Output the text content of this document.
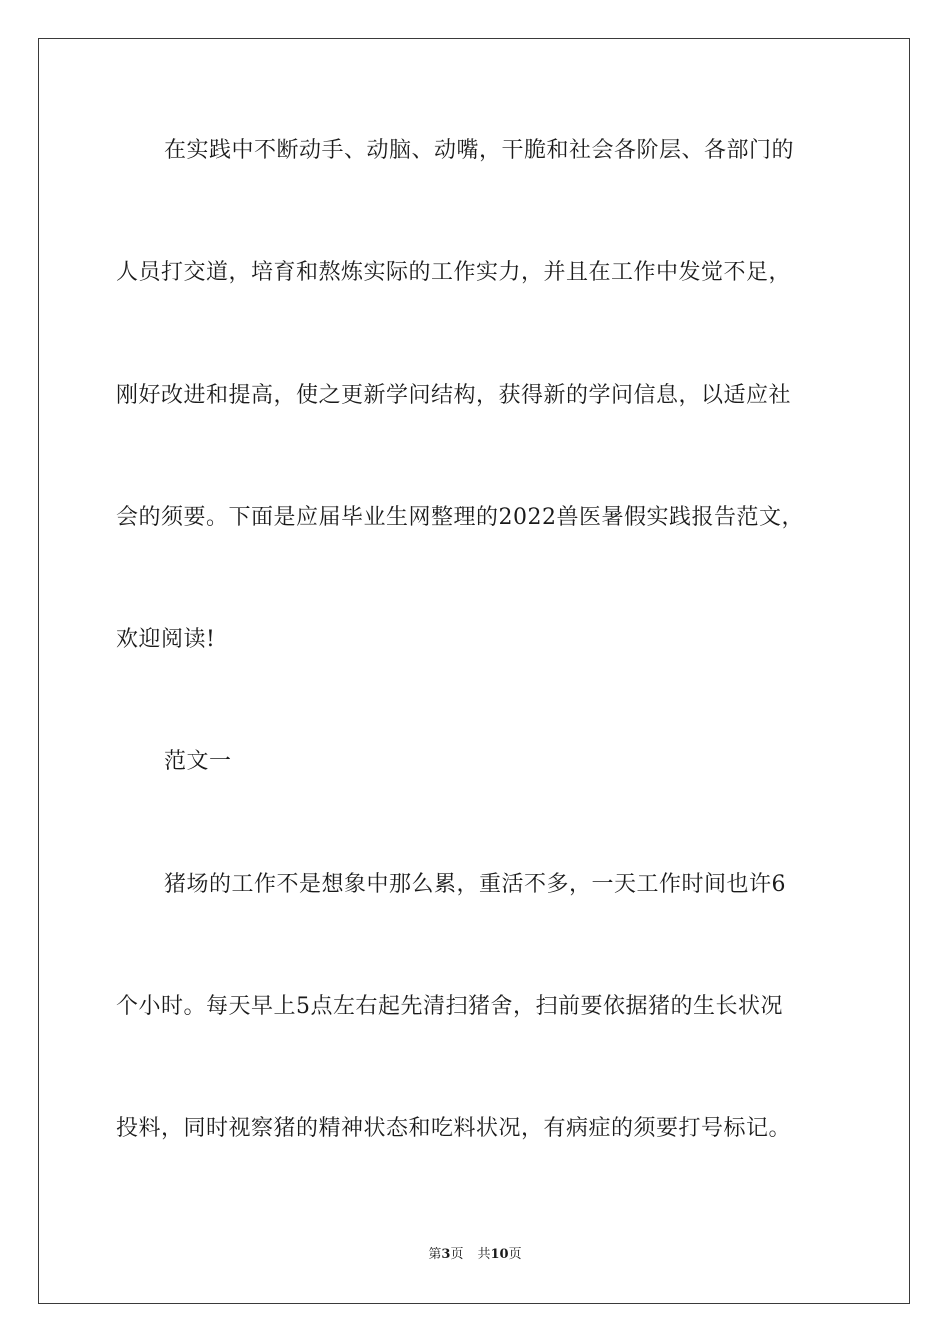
在实践中不断动手、动脑、动嘴，干脆和社会各阶层、各部门的
人员打交道，培育和熬炼实际的工作实力，并且在工作中发觉不足，
刚好改进和提高，使之更新学问结构，获得新的学问信息，以适应社
会的须要。下面是应届毕业生网整理的2022兽医暑假实践报告范文，
欢迎阅读!
范文一
猪场的工作不是想象中那么累，重活不多，一天工作时间也许6
个小时。每天早上5点左右起先清扫猪舍，扫前要依据猪的生长状况
投料，同时视察猪的精神状态和吃料状况，有病症的须要打号标记。
第3页 共10页
